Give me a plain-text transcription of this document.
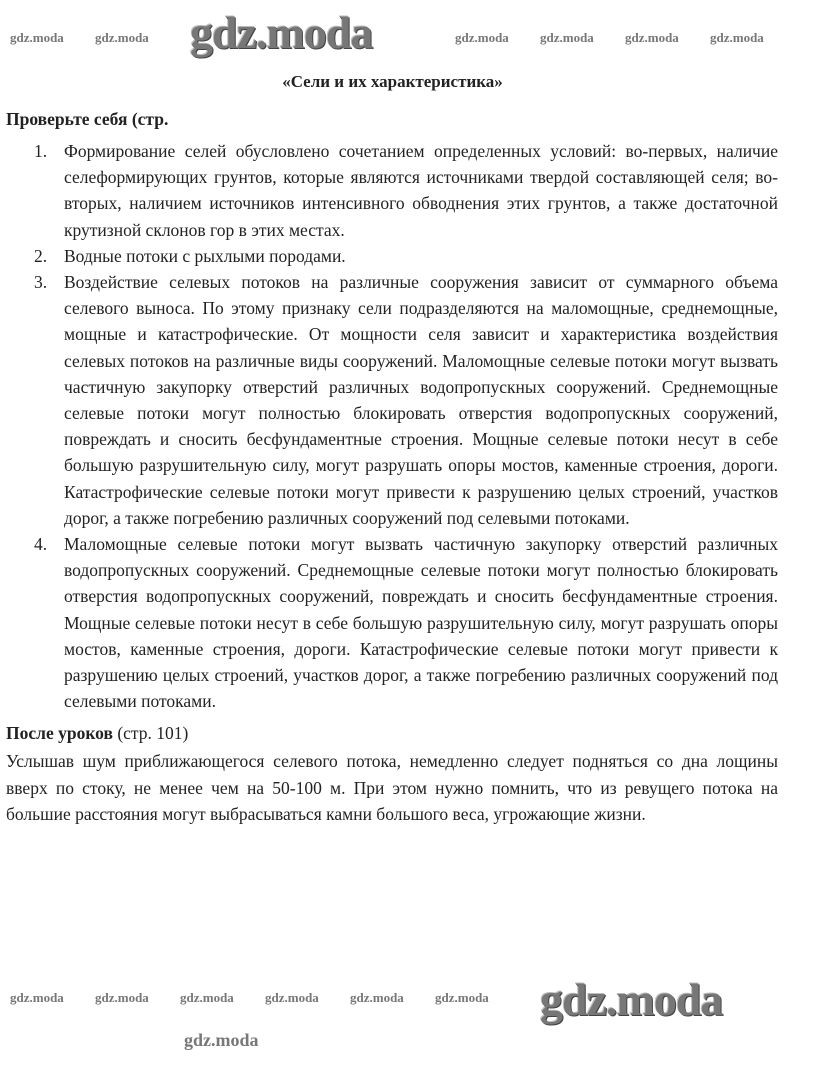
«Сели и их характеристика»
Проверьте себя (стр.
1. Формирование селей обусловлено сочетанием определенных условий: во-первых, наличие селеформирующих грунтов, которые являются источниками твердой составляющей селя; во-вторых, наличием источников интенсивного обводнения этих грунтов, а также достаточной крутизной склонов гор в этих местах.
2. Водные потоки с рыхлыми породами.
3. Воздействие селевых потоков на различные сооружения зависит от суммарного объема селевого выноса. По этому признаку сели подразделяются на маломощные, среднемощные, мощные и катастрофические. От мощности селя зависит и характеристика воздействия селевых потоков на различные виды сооружений. Маломощные селевые потоки могут вызвать частичную закупорку отверстий различных водопропускных сооружений. Среднемощные селевые потоки могут полностью блокировать отверстия водопропускных сооружений, повреждать и сносить бесфундаментные строения. Мощные селевые потоки несут в себе большую разрушительную силу, могут разрушать опоры мостов, каменные строения, дороги. Катастрофические селевые потоки могут привести к разрушению целых строений, участков дорог, а также погребению различных сооружений под селевыми потоками.
4. Маломощные селевые потоки могут вызвать частичную закупорку отверстий различных водопропускных сооружений. Среднемощные селевые потоки могут полностью блокировать отверстия водопропускных сооружений, повреждать и сносить бесфундаментные строения. Мощные селевые потоки несут в себе большую разрушительную силу, могут разрушать опоры мостов, каменные строения, дороги. Катастрофические селевые потоки могут привести к разрушению целых строений, участков дорог, а также погребению различных сооружений под селевыми потоками.
После уроков (стр. 101)
Услышав шум приближающегося селевого потока, немедленно следует подняться со дна лощины вверх по стоку, не менее чем на 50-100 м. При этом нужно помнить, что из ревущего потока на большие расстояния могут выбрасываться камни большого веса, угрожающие жизни.
gdz.moda
gdz.moda
gdz.moda gdz.moda	gdz.moda gdz.moda gdz.moda gdz.moda
gdz.moda gdz.moda gdz.moda gdz.moda gdz.moda gdz.moda
gdz.moda
